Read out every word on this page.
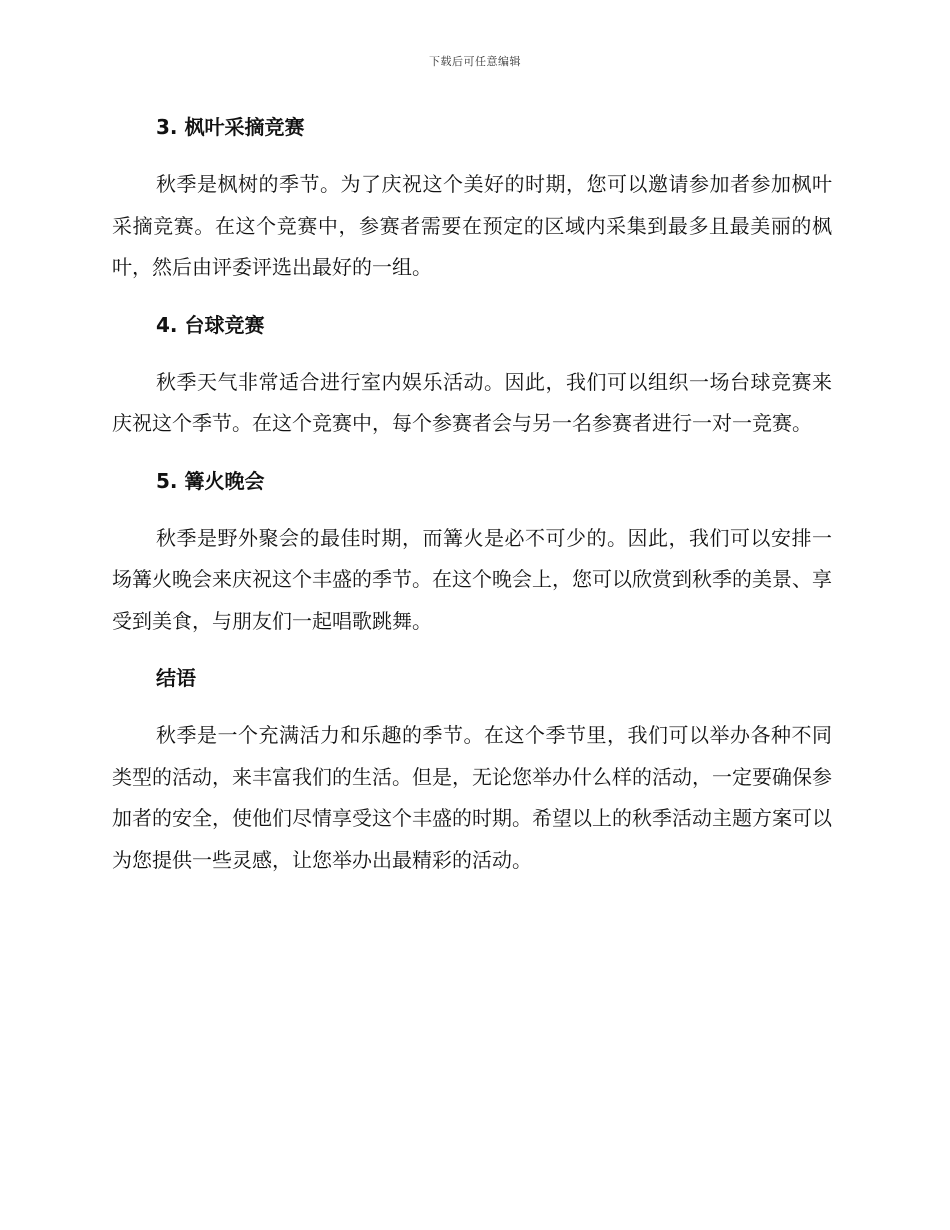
下载后可任意编辑
3. 枫叶采摘竞赛

秋季是枫树的季节。为了庆祝这个美好的时期，您可以邀请参加者参加枫叶采摘竞赛。在这个竞赛中，参赛者需要在预定的区域内采集到最多且最美丽的枫叶，然后由评委评选出最好的一组。

4. 台球竞赛

秋季天气非常适合进行室内娱乐活动。因此，我们可以组织一场台球竞赛来庆祝这个季节。在这个竞赛中，每个参赛者会与另一名参赛者进行一对一竞赛。

5. 篝火晚会

秋季是野外聚会的最佳时期，而篝火是必不可少的。因此，我们可以安排一场篝火晚会来庆祝这个丰盛的季节。在这个晚会上，您可以欣赏到秋季的美景、享受到美食，与朋友们一起唱歌跳舞。

结语

秋季是一个充满活力和乐趣的季节。在这个季节里，我们可以举办各种不同类型的活动，来丰富我们的生活。但是，无论您举办什么样的活动，一定要确保参加者的安全，使他们尽情享受这个丰盛的时期。希望以上的秋季活动主题方案可以为您提供一些灵感，让您举办出最精彩的活动。
